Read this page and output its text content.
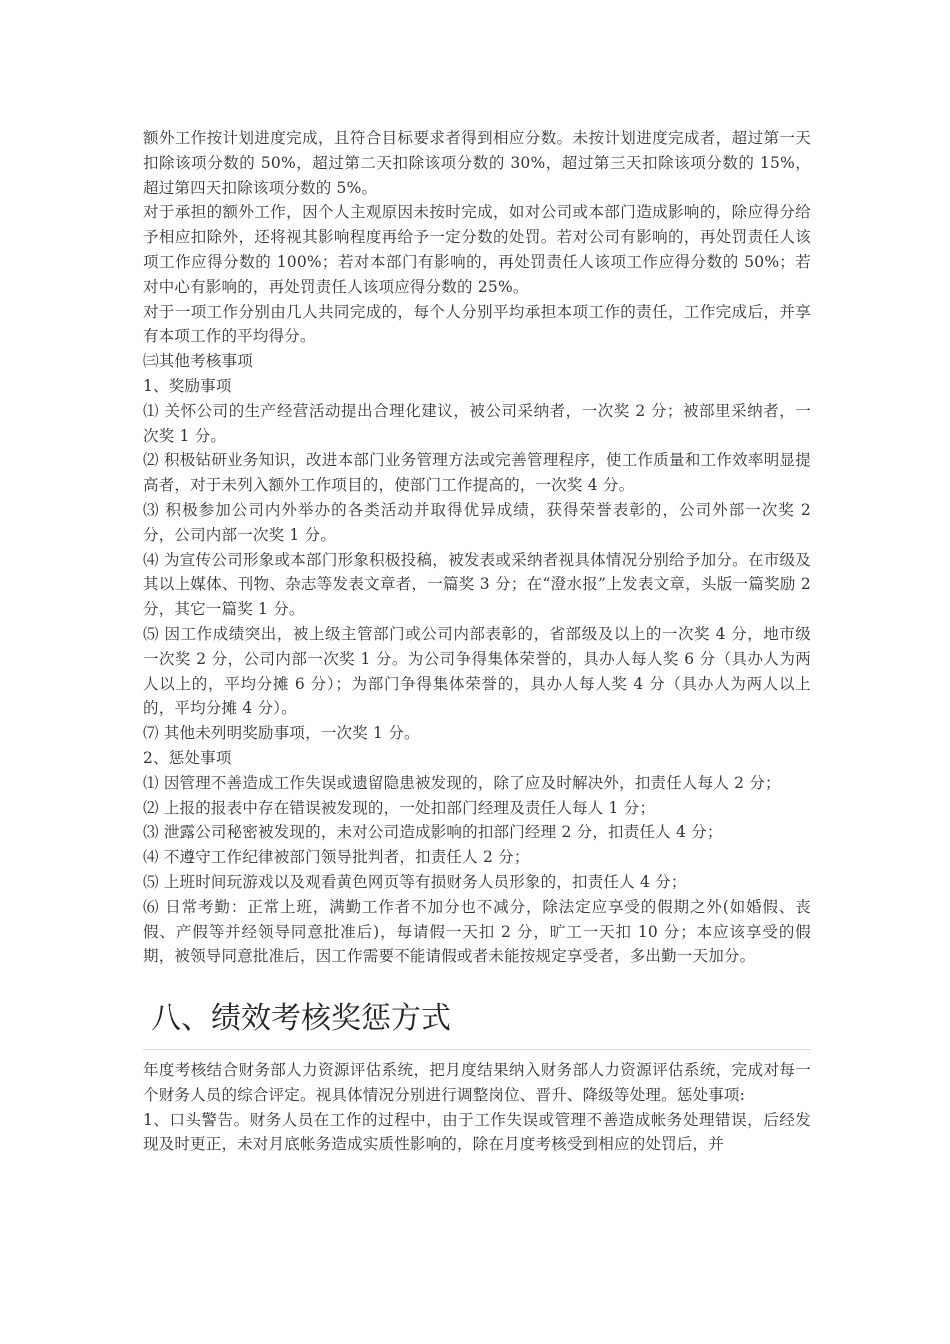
额外工作按计划进度完成，且符合目标要求者得到相应分数。未按计划进度完成者，超过第一天扣除该项分数的 50%，超过第二天扣除该项分数的 30%，超过第三天扣除该项分数的 15%，超过第四天扣除该项分数的 5%。

对于承担的额外工作，因个人主观原因未按时完成，如对公司或本部门造成影响的，除应得分给予相应扣除外，还将视其影响程度再给予一定分数的处罚。若对公司有影响的，再处罚责任人该项工作应得分数的 100%；若对本部门有影响的，再处罚责任人该项工作应得分数的 50%；若对中心有影响的，再处罚责任人该项应得分数的 25%。

对于一项工作分别由几人共同完成的，每个人分别平均承担本项工作的责任，工作完成后，并享有本项工作的平均得分。

㈢其他考核事项

1、奖励事项

⑴ 关怀公司的生产经营活动提出合理化建议，被公司采纳者，一次奖 2 分；被部里采纳者，一次奖 1 分。

⑵ 积极钻研业务知识，改进本部门业务管理方法或完善管理程序，使工作质量和工作效率明显提高者，对于未列入额外工作项目的，使部门工作提高的，一次奖 4 分。

⑶ 积极参加公司内外举办的各类活动并取得优异成绩，获得荣誉表彰的，公司外部一次奖 2 分，公司内部一次奖 1 分。

⑷ 为宣传公司形象或本部门形象积极投稿，被发表或采纳者视具体情况分别给予加分。在市级及其以上媒体、刊物、杂志等发表文章者，一篇奖 3 分；在“澄水报”上发表文章，头版一篇奖励 2 分，其它一篇奖 1 分。

⑸ 因工作成绩突出，被上级主管部门或公司内部表彰的，省部级及以上的一次奖 4 分，地市级一次奖 2 分，公司内部一次奖 1 分。为公司争得集体荣誉的，具办人每人奖 6 分（具办人为两人以上的，平均分摊 6 分）；为部门争得集体荣誉的，具办人每人奖 4 分（具办人为两人以上的，平均分摊 4 分）。

⑺ 其他未列明奖励事项，一次奖 1 分。

2、惩处事项

⑴ 因管理不善造成工作失误或遗留隐患被发现的，除了应及时解决外，扣责任人每人 2 分；

⑵ 上报的报表中存在错误被发现的，一处扣部门经理及责任人每人 1 分；

⑶ 泄露公司秘密被发现的，未对公司造成影响的扣部门经理 2 分，扣责任人 4 分；

⑷ 不遵守工作纪律被部门领导批判者，扣责任人 2 分；

⑸ 上班时间玩游戏以及观看黄色网页等有损财务人员形象的，扣责任人 4 分；

⑹ 日常考勤：正常上班，满勤工作者不加分也不减分，除法定应享受的假期之外(如婚假、丧假、产假等并经领导同意批准后)，每请假一天扣 2 分，旷工一天扣 10 分；本应该享受的假期，被领导同意批准后，因工作需要不能请假或者未能按规定享受者，多出勤一天加分。

八、绩效考核奖惩方式

年度考核结合财务部人力资源评估系统，把月度结果纳入财务部人力资源评估系统，完成对每一个财务人员的综合评定。视具体情况分别进行调整岗位、晋升、降级等处理。惩处事项:

1、口头警告。财务人员在工作的过程中，由于工作失误或管理不善造成帐务处理错误，后经发现及时更正，未对月底帐务造成实质性影响的，除在月度考核受到相应的处罚后，并
